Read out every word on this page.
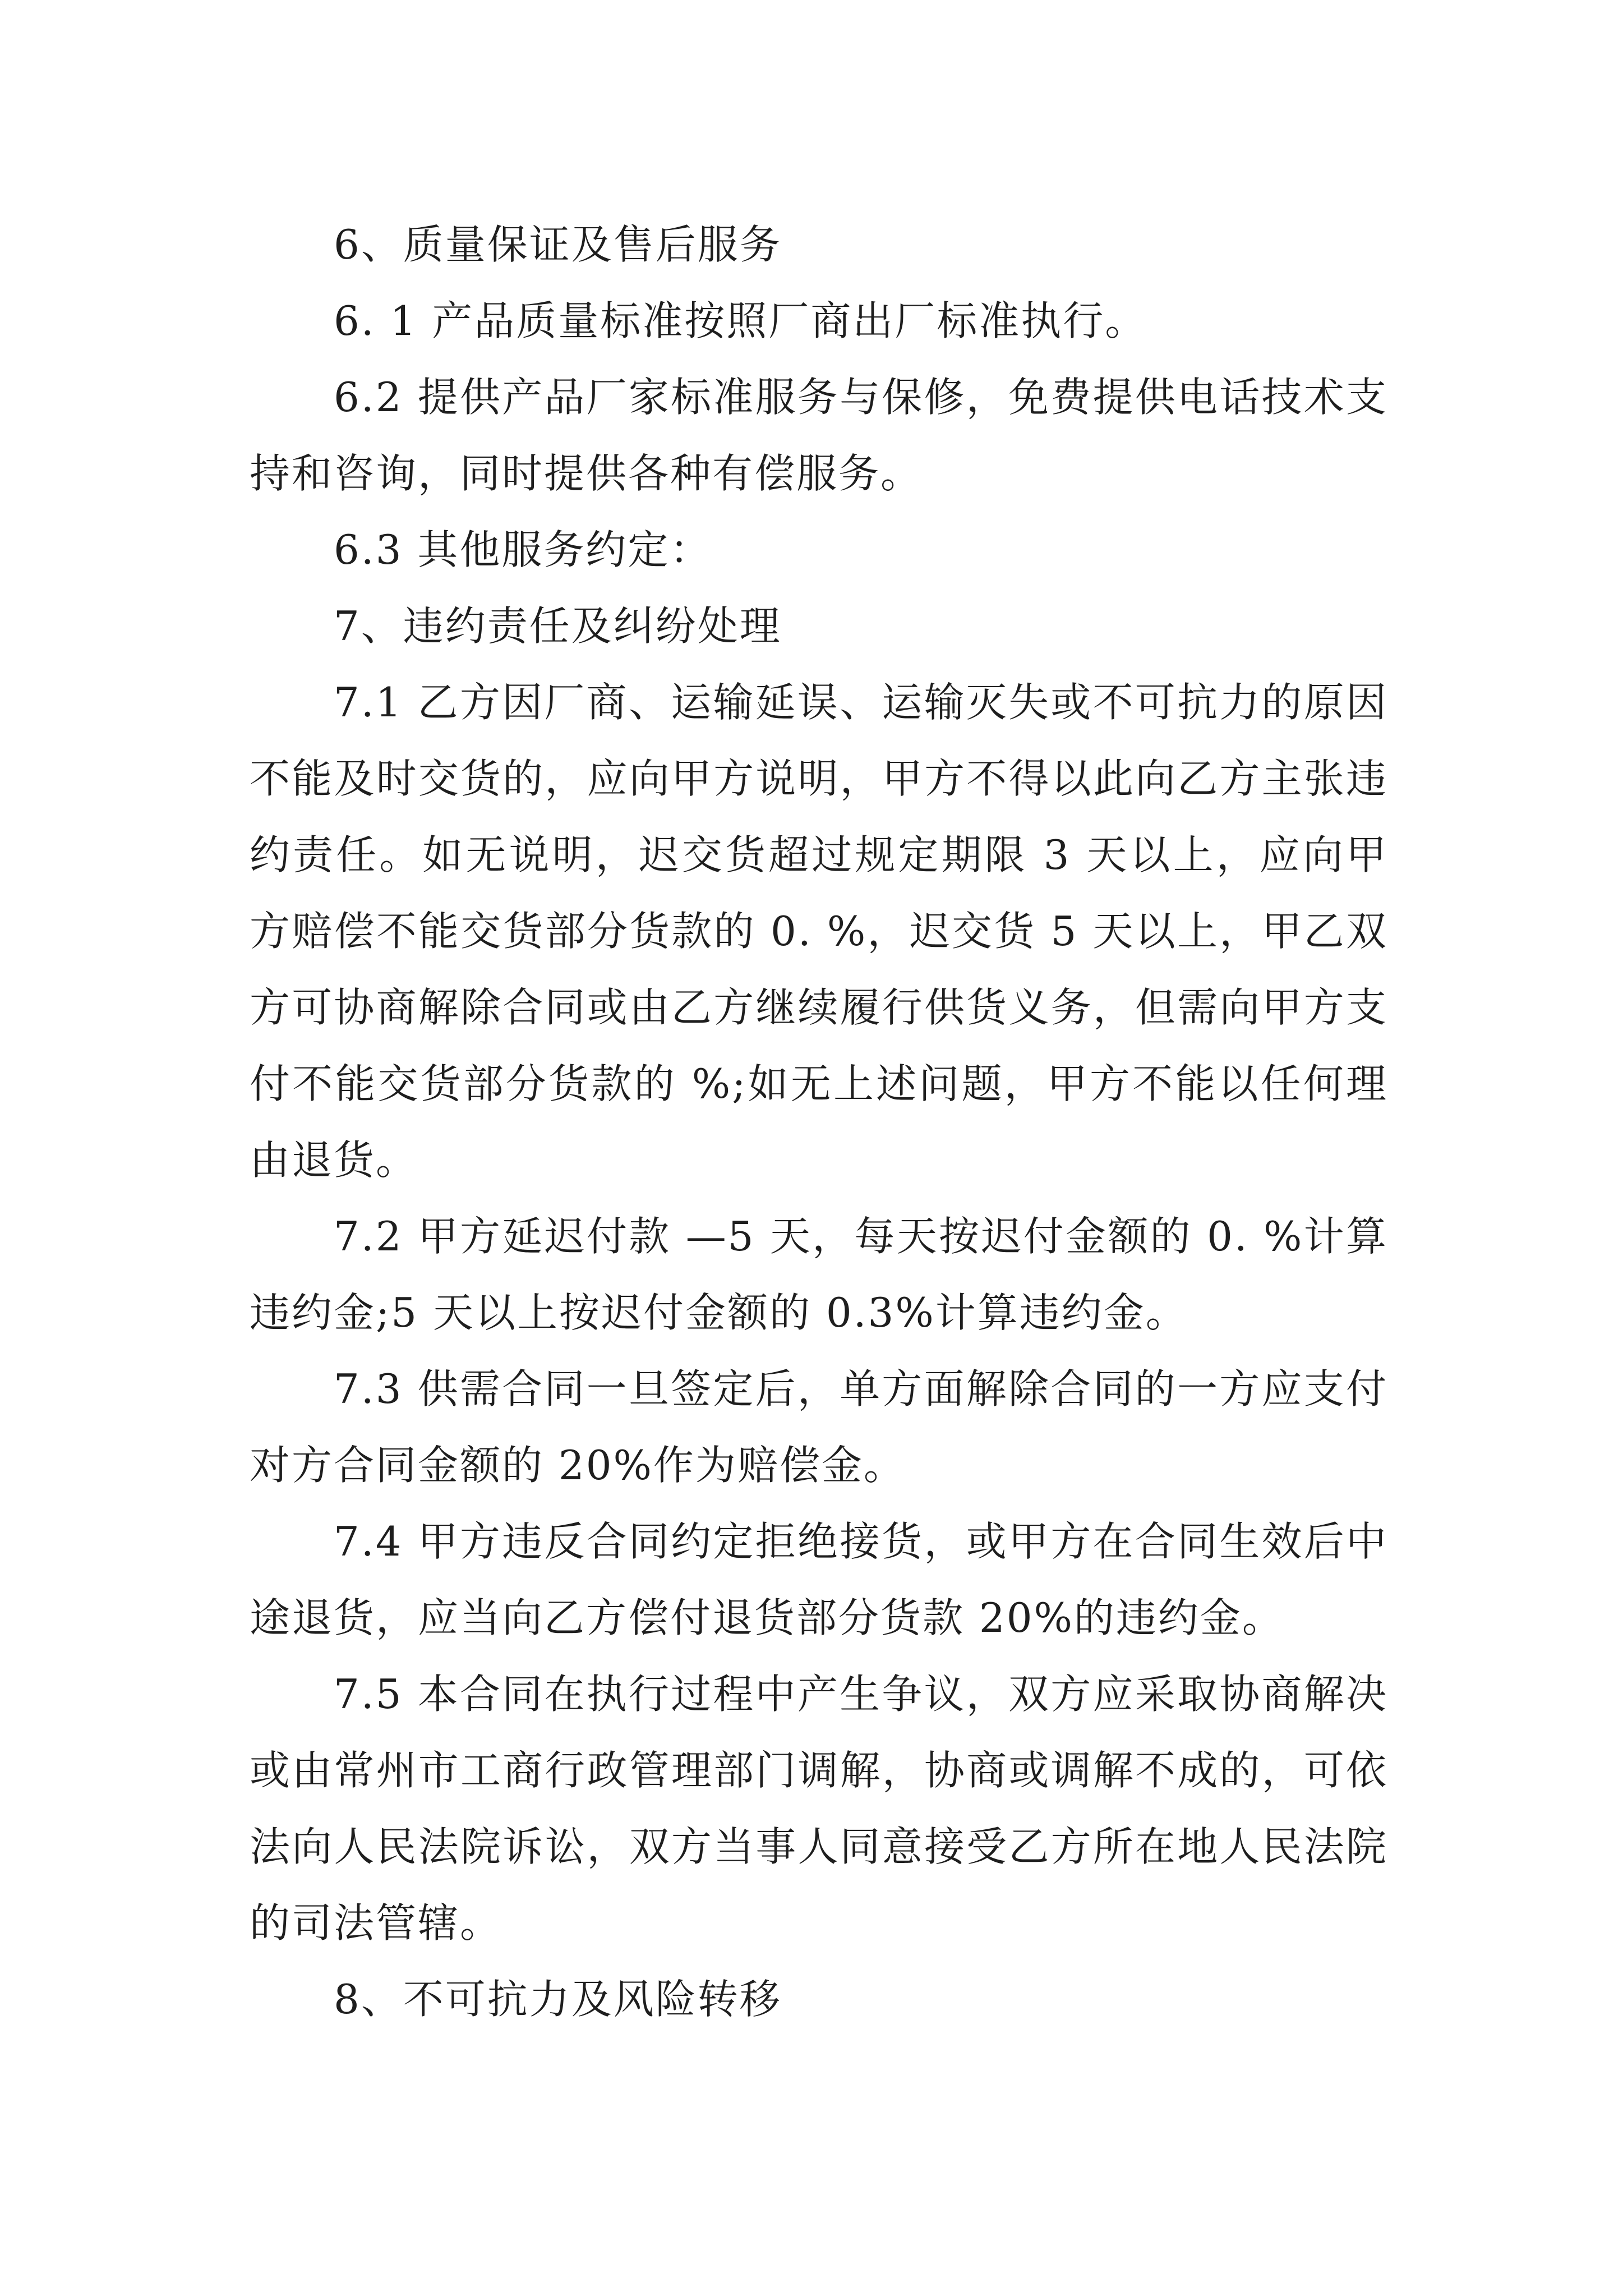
6、质量保证及售后服务

6. 1 产品质量标准按照厂商出厂标准执行。

6.2 提供产品厂家标准服务与保修，免费提供电话技术支持和咨询，同时提供各种有偿服务。

6.3 其他服务约定：

7、违约责任及纠纷处理

7.1 乙方因厂商、运输延误、运输灭失或不可抗力的原因不能及时交货的，应向甲方说明，甲方不得以此向乙方主张违约责任。如无说明，迟交货超过规定期限 3 天以上，应向甲方赔偿不能交货部分货款的 0. %，迟交货 5 天以上，甲乙双方可协商解除合同或由乙方继续履行供货义务，但需向甲方支付不能交货部分货款的 %;如无上述问题，甲方不能以任何理由退货。

7.2 甲方延迟付款 —5 天，每天按迟付金额的 0. %计算违约金;5 天以上按迟付金额的 0.3%计算违约金。

7.3 供需合同一旦签定后，单方面解除合同的一方应支付对方合同金额的 20%作为赔偿金。

7.4 甲方违反合同约定拒绝接货，或甲方在合同生效后中途退货，应当向乙方偿付退货部分货款 20%的违约金。

7.5 本合同在执行过程中产生争议，双方应采取协商解决或由常州市工商行政管理部门调解，协商或调解不成的，可依法向人民法院诉讼，双方当事人同意接受乙方所在地人民法院的司法管辖。

8、不可抗力及风险转移
